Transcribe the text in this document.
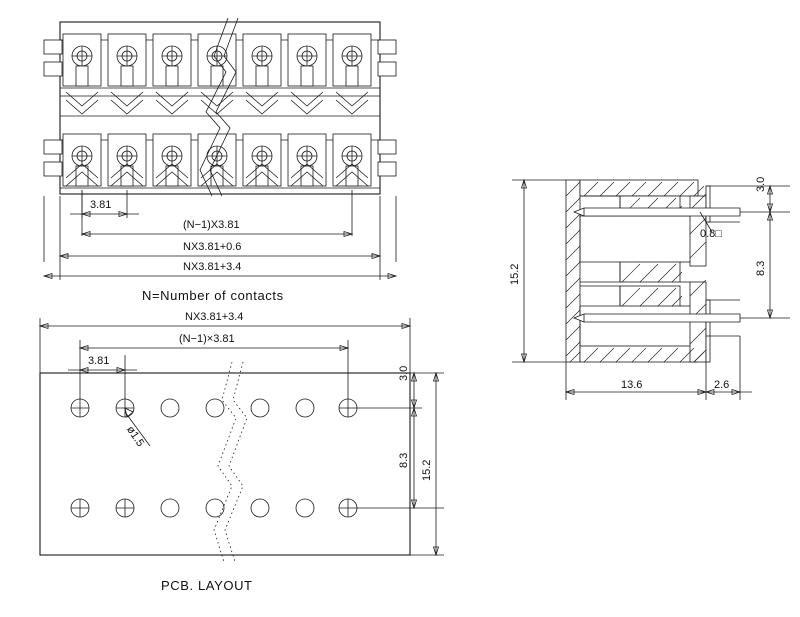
3.81
(N−1)X3.81
NX3.81+0.6
NX3.81+3.4
N=Number of contacts
NX3.81+3.4
(N−1)×3.81
3.81
ø1.5
3.0
8.3 15.2
PCB. LAYOUT
15.2
3.0
0.8□
8.3
13.6	2.6
